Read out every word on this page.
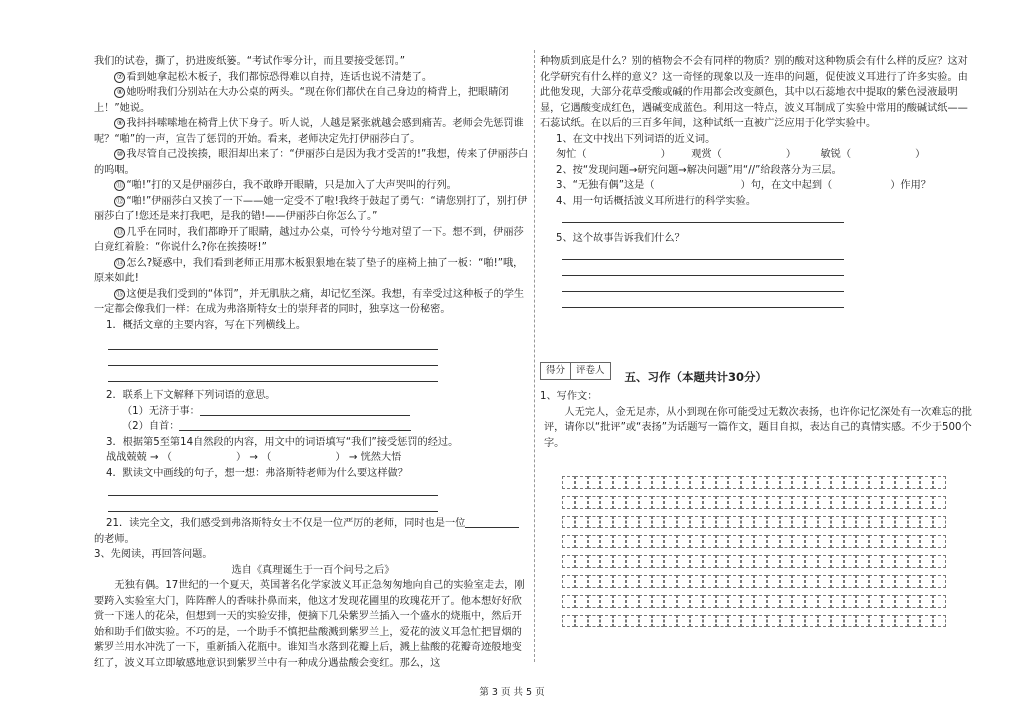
我们的试卷，撕了，扔进废纸篓。“考试作零分计，而且要接受惩罚。”

⑦ 看到她拿起松木板子，我们都惊恐得难以自持，连话也说不清楚了。

⑧ 她吩咐我们分别站在大办公桌的两头。“现在你们都伏在自己身边的椅背上，把眼睛闭上！”她说。

⑨ 我抖抖嗦嗦地在椅背上伏下身子。听人说，人越是紧张就越会感到痛苦。老师会先惩罚谁呢？“啪”的一声，宣告了惩罚的开始。看来，老师决定先打伊丽莎白了。

⑩ 我尽管自己没挨揍，眼泪却出来了：“伊丽莎白是因为我才受苦的!”我想，传来了伊丽莎白的呜咽。

⑪ “啪!”打的又是伊丽莎白，我不敢睁开眼睛，只是加入了大声哭叫的行列。

⑫ “啪!”伊丽莎白又挨了一下——她一定受不了啦!我终于鼓起了勇气：“请您别打了，别打伊丽莎白了!您还是来打我吧，是我的错!——伊丽莎白你怎么了。”

⑬ 几乎在同时，我们都睁开了眼睛，越过办公桌，可怜兮兮地对望了一下。想不到，伊丽莎白竟红着脸：“你说什么?你在挨揍呀!”

⑭ 怎么?疑惑中，我们看到老师正用那木板狠狠地在装了垫子的座椅上抽了一板：“啪!”哦，原来如此!

⑮ 这便是我们受到的“体罚”，并无肌肤之痛，却记忆至深。我想，有幸受过这种板子的学生一定都会像我们一样：在成为弗洛斯特女士的崇拜者的同时，独享这一份秘密。

1．概括文章的主要内容，写在下列横线上。

2．联系上下文解释下列词语的意思。

（1）无济于事：

（2）自首：

3．根据第5至第14自然段的内容，用文中的词语填写“我们”接受惩罚的经过。

战战兢兢 → （	） → （	） → 恍然大悟

4．默读文中画线的句子，想一想：弗洛斯特老师为什么要这样做？

21．读完全文，我们感受到弗洛斯特女士不仅是一位严厉的老师，同时也是一位

的老师。

3、先阅读，再回答问题。

选自《真理诞生于一百个问号之后》

无独有偶。17世纪的一个夏天，英国著名化学家波义耳正急匆匆地向自己的实验室走去，刚要跨入实验室大门，阵阵醉人的香味扑鼻而来，他这才发现花圃里的玫瑰花开了。他本想好好欣赏一下迷人的花朵，但想到一天的实验安排，便摘下几朵紫罗兰插入一个盛水的烧瓶中，然后开始和助手们做实验。不巧的是，一个助手不慎把盐酸溅到紫罗兰上，爱花的波义耳急忙把冒烟的紫罗兰用水冲洗了一下，重新插入花瓶中。谁知当水落到花瓣上后，溅上盐酸的花瓣奇迹般地变红了，波义耳立即敏感地意识到紫罗兰中有一种成分遇盐酸会变红。那么，这

种物质到底是什么？别的植物会不会有同样的物质？别的酸对这种物质会有什么样的反应？这对化学研究有什么样的意义？这一奇怪的现象以及一连串的问题，促使波义耳进行了许多实验。由此他发现，大部分花草受酸或碱的作用都会改变颜色，其中以石蕊地衣中提取的紫色浸液最明显，它遇酸变成红色，遇碱变成蓝色。利用这一特点，波义耳制成了实验中常用的酸碱试纸——石蕊试纸。在以后的三百多年间，这种试纸一直被广泛应用于化学实验中。

1、在文中找出下列词语的近义词。

匆忙（	） 观赏（	） 敏锐（	）

2、按“发现问题→研究问题→解决问题”用“//”给段落分为三层。

3、“无独有偶”这是（	）句，在文中起到（	）作用？

4、用一句话概括波义耳所进行的科学实验。

5、这个故事告诉我们什么？

得分 评卷人	五、习作（本题共计30分）

1、写作文：

人无完人，金无足赤，从小到现在你可能受过无数次表扬，也许你记忆深处有一次难忘的批评，请你以“批评”或“表扬”为话题写一篇作文，题目自拟，表达自己的真情实感。不少于500个字。

第 3 页 共 5 页
